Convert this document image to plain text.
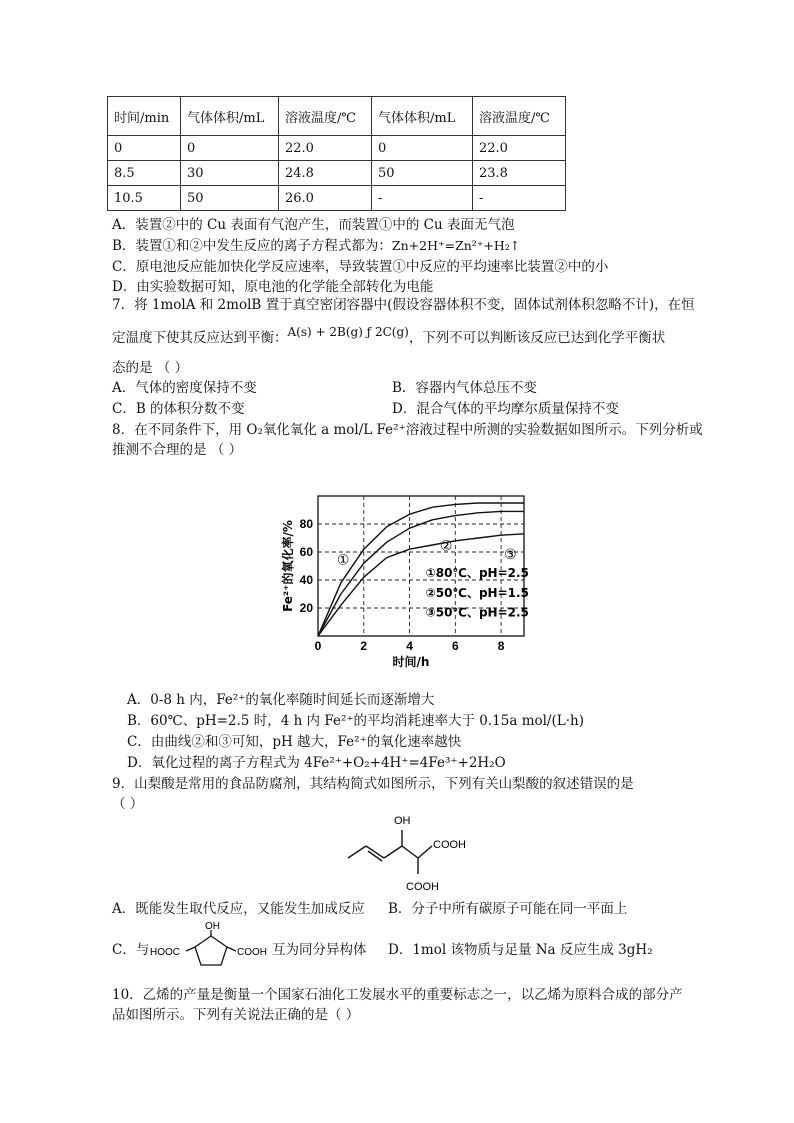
时间/min	气体体积/mL	溶液温度/℃	气体体积/mL	溶液温度/℃
0	0	22.0	0	22.0
8.5	30	24.8	50	23.8
10.5	50	26.0	-	-
A．装置②中的 Cu 表面有气泡产生，而装置①中的 Cu 表面无气泡
B．装置①和②中发生反应的离子方程式都为：Zn+2H⁺=Zn²⁺+H₂↑
C．原电池反应能加快化学反应速率，导致装置①中反应的平均速率比装置②中的小
D．由实验数据可知，原电池的化学能全部转化为电能
7．将 1molA 和 2molB 置于真空密闭容器中(假设容器体积不变，固体试剂体积忽略不计)，在恒
定温度下使其反应达到平衡：A(s) + 2B(g) ƒ 2C(g)，下列不可以判断该反应已达到化学平衡状
态的是 （ ）
A．气体的密度保持不变	B．容器内气体总压不变
C．B 的体积分数不变	D．混合气体的平均摩尔质量保持不变
8．在不同条件下，用 O₂氧化氧化 a mol/L Fe²⁺溶液过程中所测的实验数据如图所示。下列分析或
推测不合理的是 （ ）
0	2	4	6	8
20
40
60
80
时间/h
Fe²⁺的氧化率/%	①
②
③
①80℃、pH=2.5
②50℃、pH=1.5
③50℃、pH=2.5
A．0-8 h 内，Fe²⁺的氧化率随时间延长而逐渐增大
B．60℃、pH=2.5 时，4 h 内 Fe²⁺的平均消耗速率大于 0.15a mol/(L·h)
C．由曲线②和③可知，pH 越大，Fe²⁺的氧化速率越快
D．氧化过程的离子方程式为 4Fe²⁺+O₂+4H⁺=4Fe³⁺+2H₂O
9．山梨酸是常用的食品防腐剂，其结构简式如图所示，下列有关山梨酸的叙述错误的是
（ ）
OH
COOH
COOH
A．既能发生取代反应，又能发生加成反应 B．分子中所有碳原子可能在同一平面上
C．与
OH
HOOC	COOH 互为同分异构体 D．1mol 该物质与足量 Na 反应生成 3gH₂
10．乙烯的产量是衡量一个国家石油化工发展水平的重要标志之一，以乙烯为原料合成的部分产
品如图所示。下列有关说法正确的是（ ）
